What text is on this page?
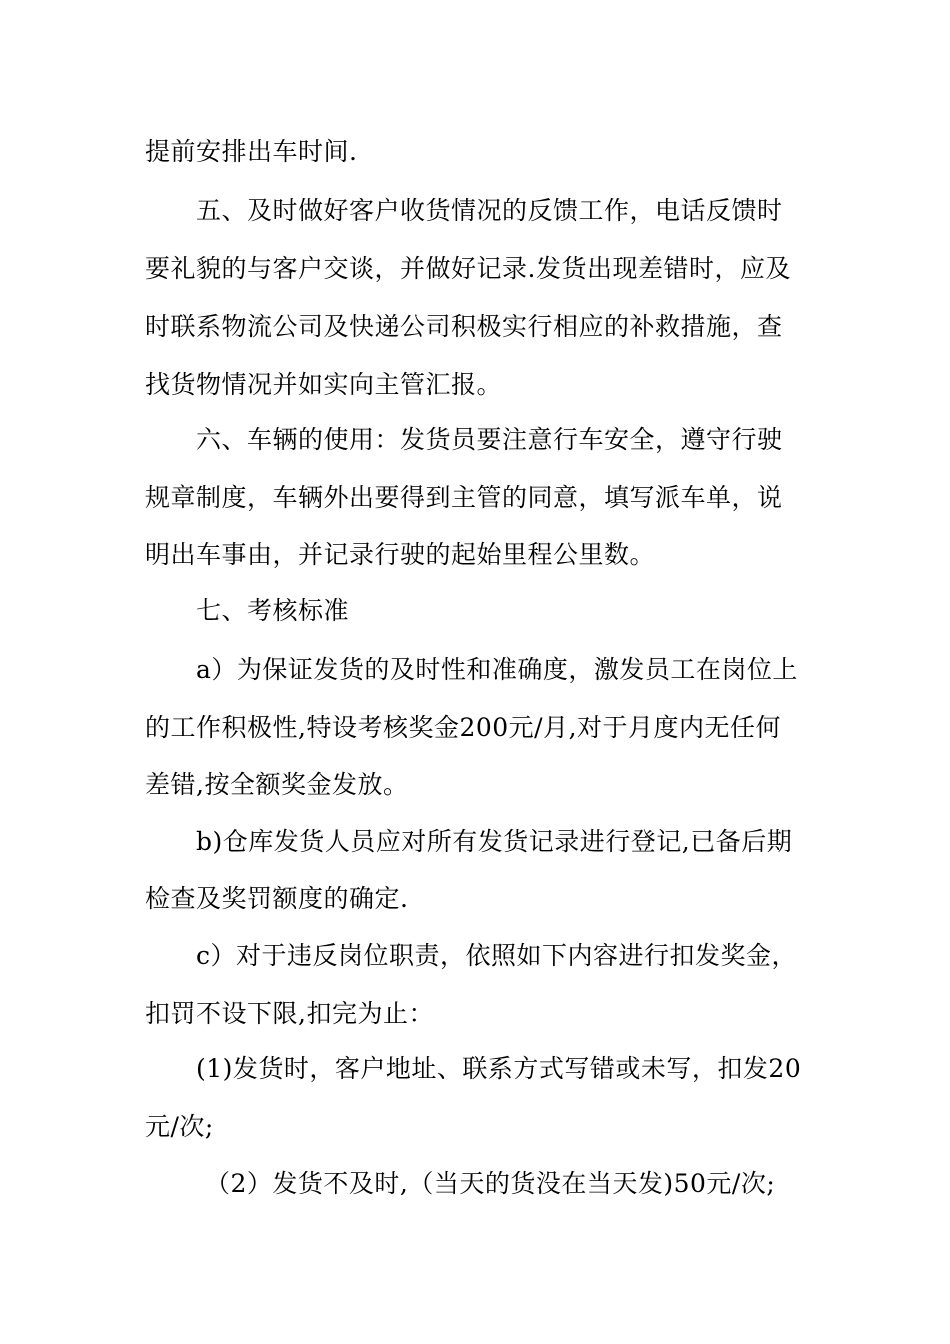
提前安排出车时间.
五、及时做好客户收货情况的反馈工作，电话反馈时
要礼貌的与客户交谈，并做好记录.发货出现差错时，应及
时联系物流公司及快递公司积极实行相应的补救措施，查
找货物情况并如实向主管汇报。
六、车辆的使用：发货员要注意行车安全，遵守行驶
规章制度，车辆外出要得到主管的同意，填写派车单，说
明出车事由，并记录行驶的起始里程公里数。
七、考核标准
a）为保证发货的及时性和准确度，激发员工在岗位上
的工作积极性,特设考核奖金200元/月,对于月度内无任何
差错,按全额奖金发放。
b)仓库发货人员应对所有发货记录进行登记,已备后期
检查及奖罚额度的确定.
c）对于违反岗位职责，依照如下内容进行扣发奖金，
扣罚不设下限,扣完为止：
(1)发货时，客户地址、联系方式写错或未写，扣发20
元/次;
（2）发货不及时,（当天的货没在当天发)50元/次;
